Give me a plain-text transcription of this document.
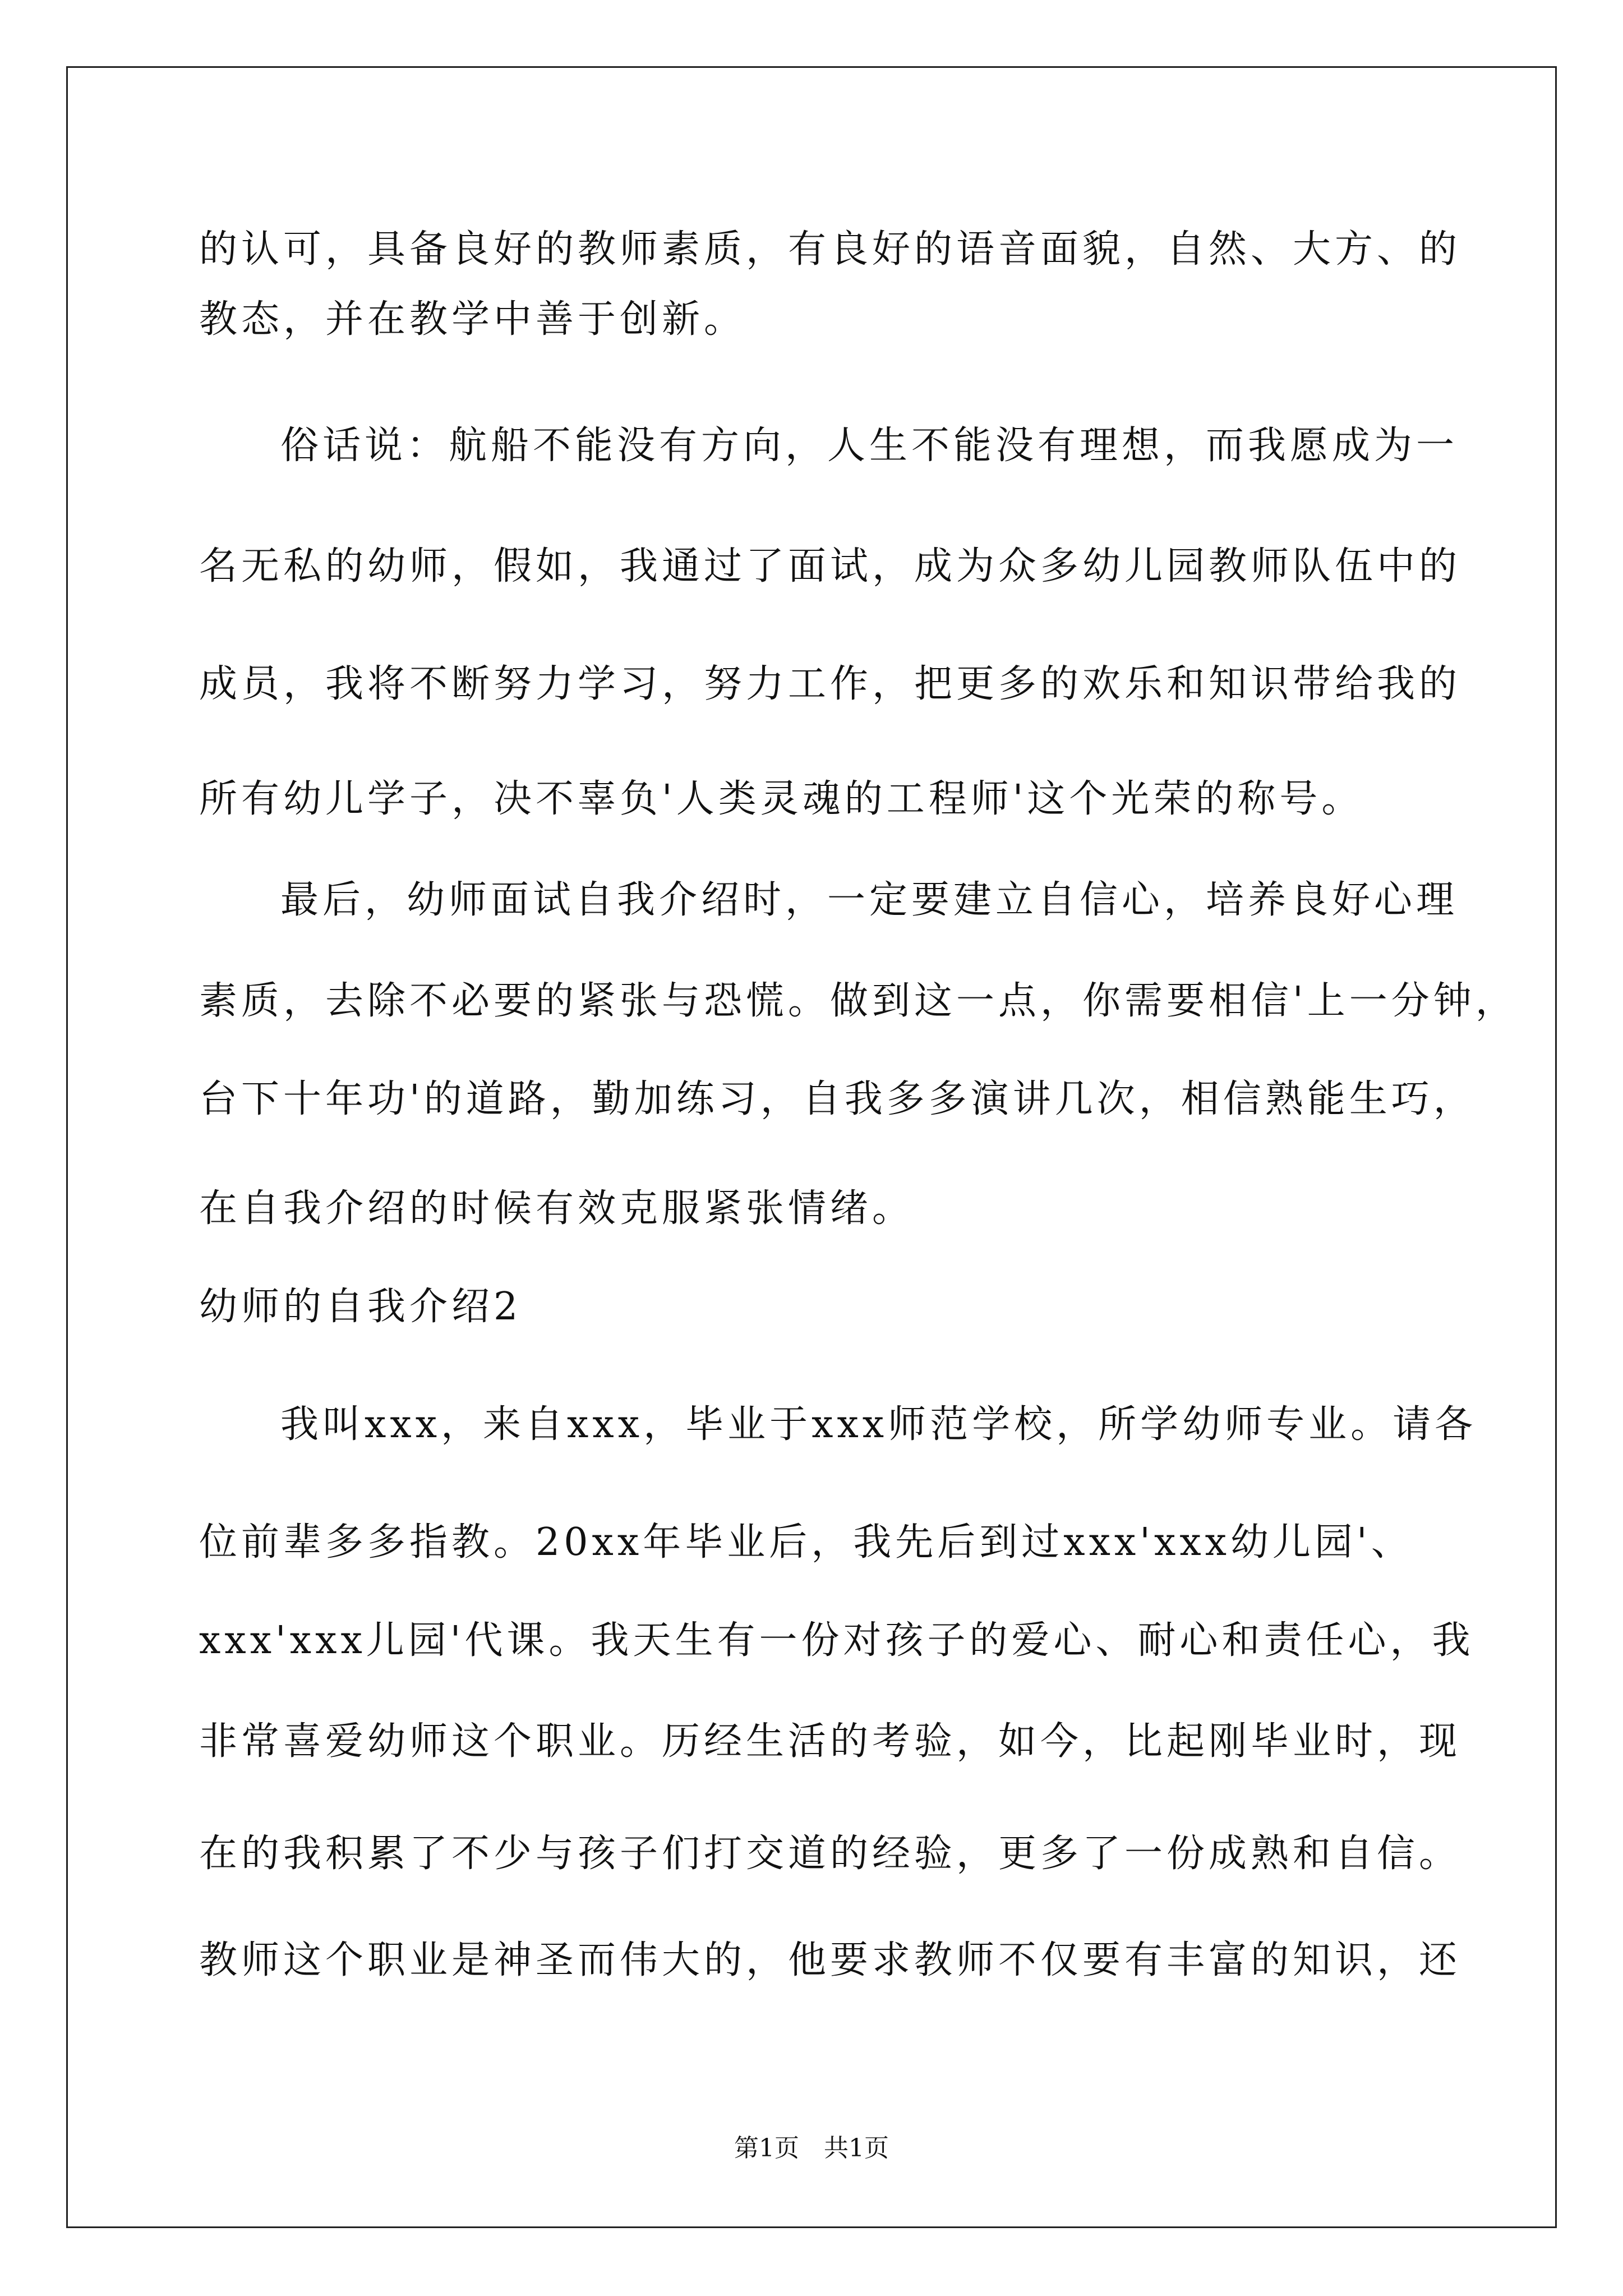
的认可，具备良好的教师素质，有良好的语音面貌，自然、大方、的
教态，并在教学中善于创新。
俗话说：航船不能没有方向，人生不能没有理想，而我愿成为一
名无私的幼师，假如，我通过了面试，成为众多幼儿园教师队伍中的
成员，我将不断努力学习，努力工作，把更多的欢乐和知识带给我的
所有幼儿学子，决不辜负'人类灵魂的工程师'这个光荣的称号。
最后，幼师面试自我介绍时，一定要建立自信心，培养良好心理
素质，去除不必要的紧张与恐慌。做到这一点，你需要相信'上一分钟，
台下十年功'的道路，勤加练习，自我多多演讲几次，相信熟能生巧，
在自我介绍的时候有效克服紧张情绪。
幼师的自我介绍2
我叫xxx，来自xxx，毕业于xxx师范学校，所学幼师专业。请各
位前辈多多指教。20xx年毕业后，我先后到过xxx'xxx幼儿园'、
xxx'xxx儿园'代课。我天生有一份对孩子的爱心、耐心和责任心，我
非常喜爱幼师这个职业。历经生活的考验，如今，比起刚毕业时，现
在的我积累了不少与孩子们打交道的经验，更多了一份成熟和自信。
教师这个职业是神圣而伟大的，他要求教师不仅要有丰富的知识，还
第1页　共1页
